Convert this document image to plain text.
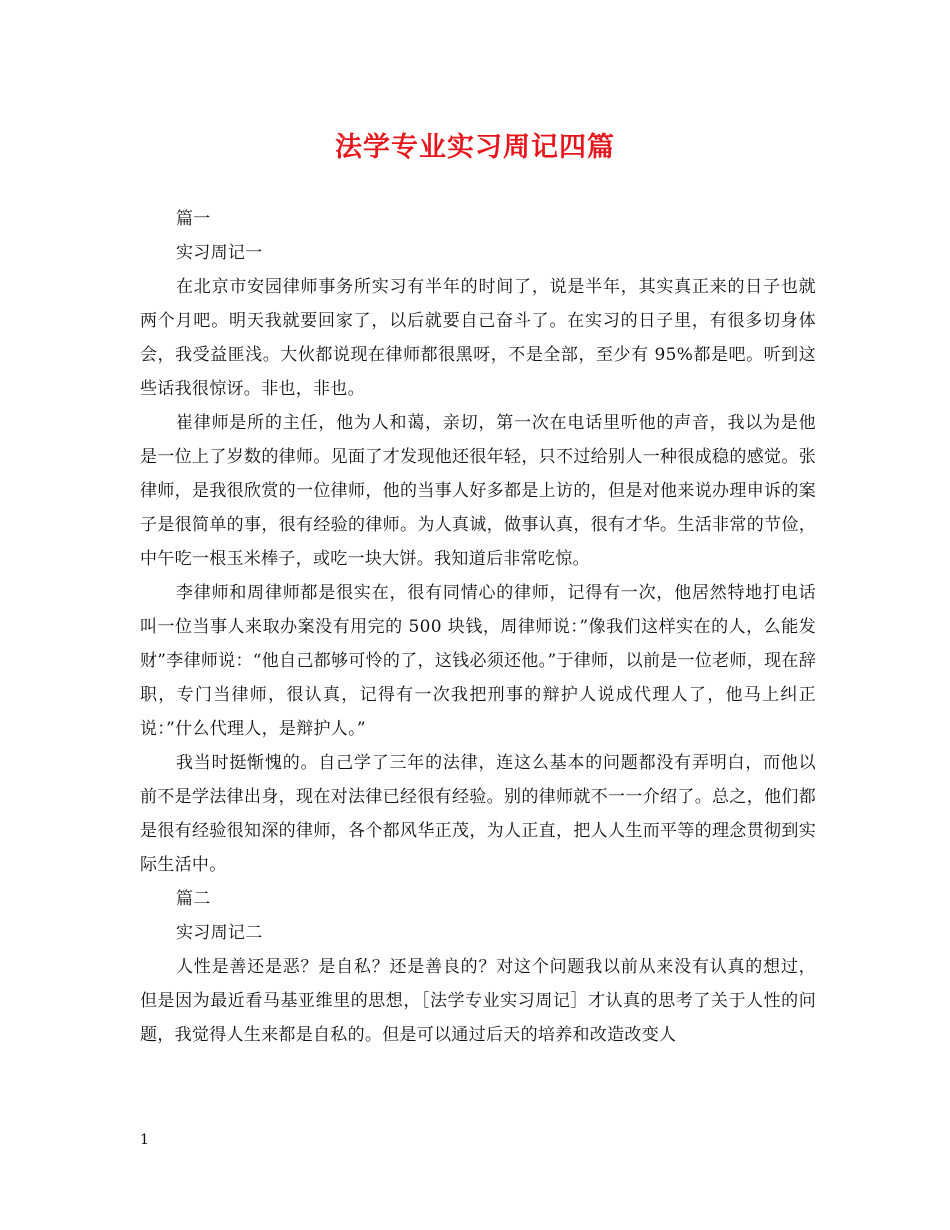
法学专业实习周记四篇

篇一

实习周记一

在北京市安园律师事务所实习有半年的时间了，说是半年，其实真正来的日子也就两个月吧。明天我就要回家了，以后就要自己奋斗了。在实习的日子里，有很多切身体会，我受益匪浅。大伙都说现在律师都很黑呀，不是全部，至少有 95%都是吧。听到这些话我很惊讶。非也，非也。

崔律师是所的主任，他为人和蔼，亲切，第一次在电话里听他的声音，我以为是他是一位上了岁数的律师。见面了才发现他还很年轻，只不过给别人一种很成稳的感觉。张律师，是我很欣赏的一位律师，他的当事人好多都是上访的，但是对他来说办理申诉的案子是很简单的事，很有经验的律师。为人真诚，做事认真，很有才华。生活非常的节俭，中午吃一根玉米棒子，或吃一块大饼。我知道后非常吃惊。

李律师和周律师都是很实在，很有同情心的律师，记得有一次，他居然特地打电话叫一位当事人来取办案没有用完的 500 块钱，周律师说：”像我们这样实在的人，么能发财”李律师说：“他自己都够可怜的了，这钱必须还他。”于律师，以前是一位老师，现在辞职，专门当律师，很认真，记得有一次我把刑事的辩护人说成代理人了，他马上纠正说：”什么代理人，是辩护人。”

我当时挺惭愧的。自己学了三年的法律，连这么基本的问题都没有弄明白，而他以前不是学法律出身，现在对法律已经很有经验。别的律师就不一一介绍了。总之，他们都是很有经验很知深的律师，各个都风华正茂，为人正直，把人人生而平等的理念贯彻到实际生活中。

篇二

实习周记二

人性是善还是恶？是自私？还是善良的？对这个问题我以前从来没有认真的想过，但是因为最近看马基亚维里的思想，［法学专业实习周记］才认真的思考了关于人性的问题，我觉得人生来都是自私的。但是可以通过后天的培养和改造改变人

1
